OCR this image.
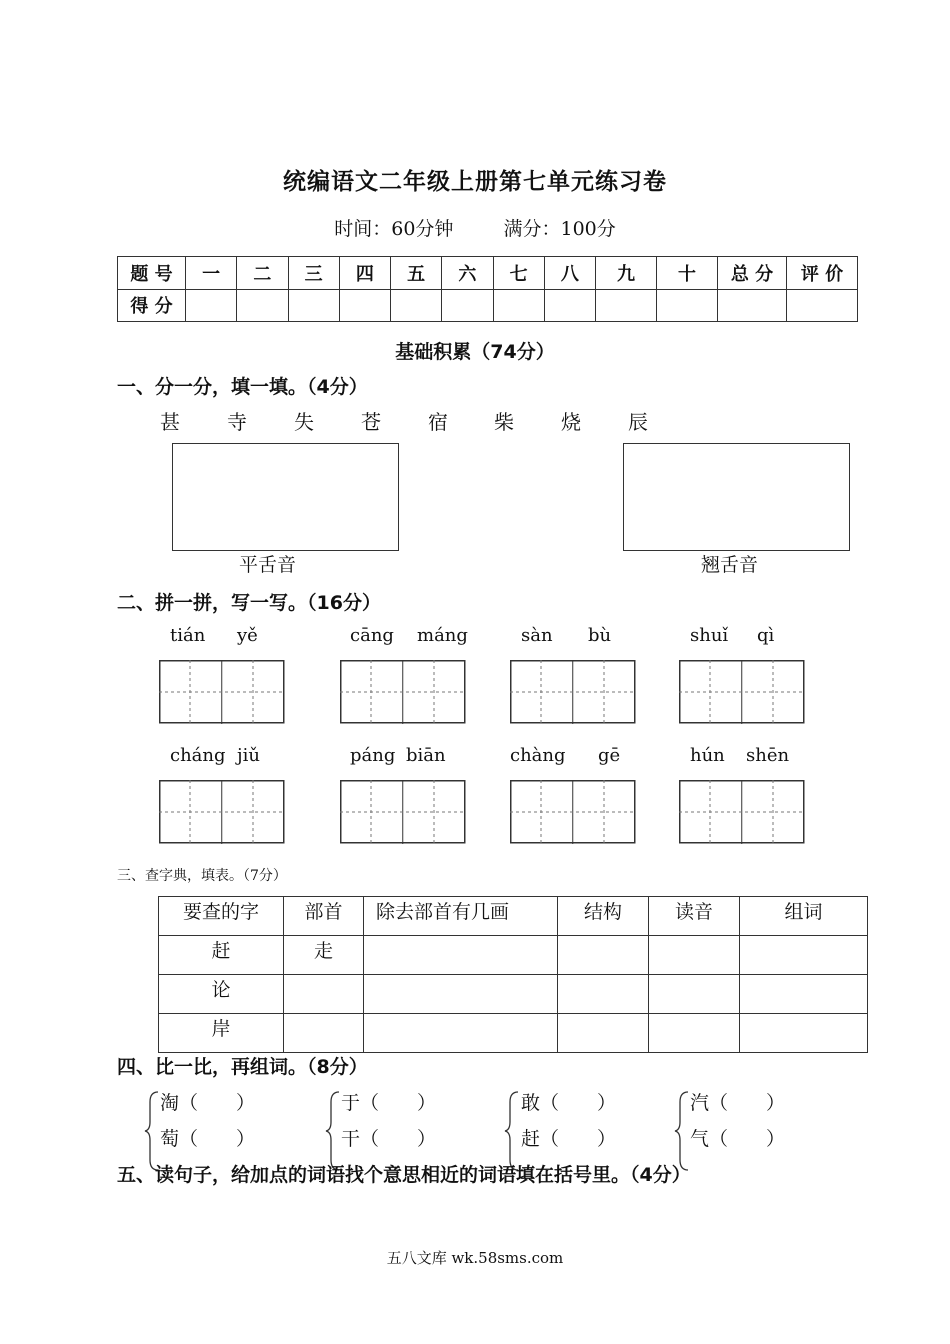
统编语文二年级上册第七单元练习卷
时间：60分钟	满分：100分
题 号	一	二	三	四	五	六	七	八	九	十	总 分	评 价
得 分												
基础积累（74分）
一、分一分，填一填。（4分）
甚 寺 失 苍 宿 柴 烧 辰
平舌音	翘舌音
二、拼一拼，写一写。（16分）
tián yě	cāng máng	sàn bù	shuǐ qì
cháng jiǔ	páng biān	chàng gē	hún shēn
三、查字典，填表。（7分）
要查的字	部首	除去部首有几画	结构	读音	组词
赶	走				
论					
岸					
四、比一比，再组词。（8分）
淘（　　）
萄（　　）
于（　　）
干（　　）
敢（　　）
赶（　　）
汽（　　）
气（　　）
五、读句子，给加点的词语找个意思相近的词语填在括号里。（4分）
五八文库 wk.58sms.com
